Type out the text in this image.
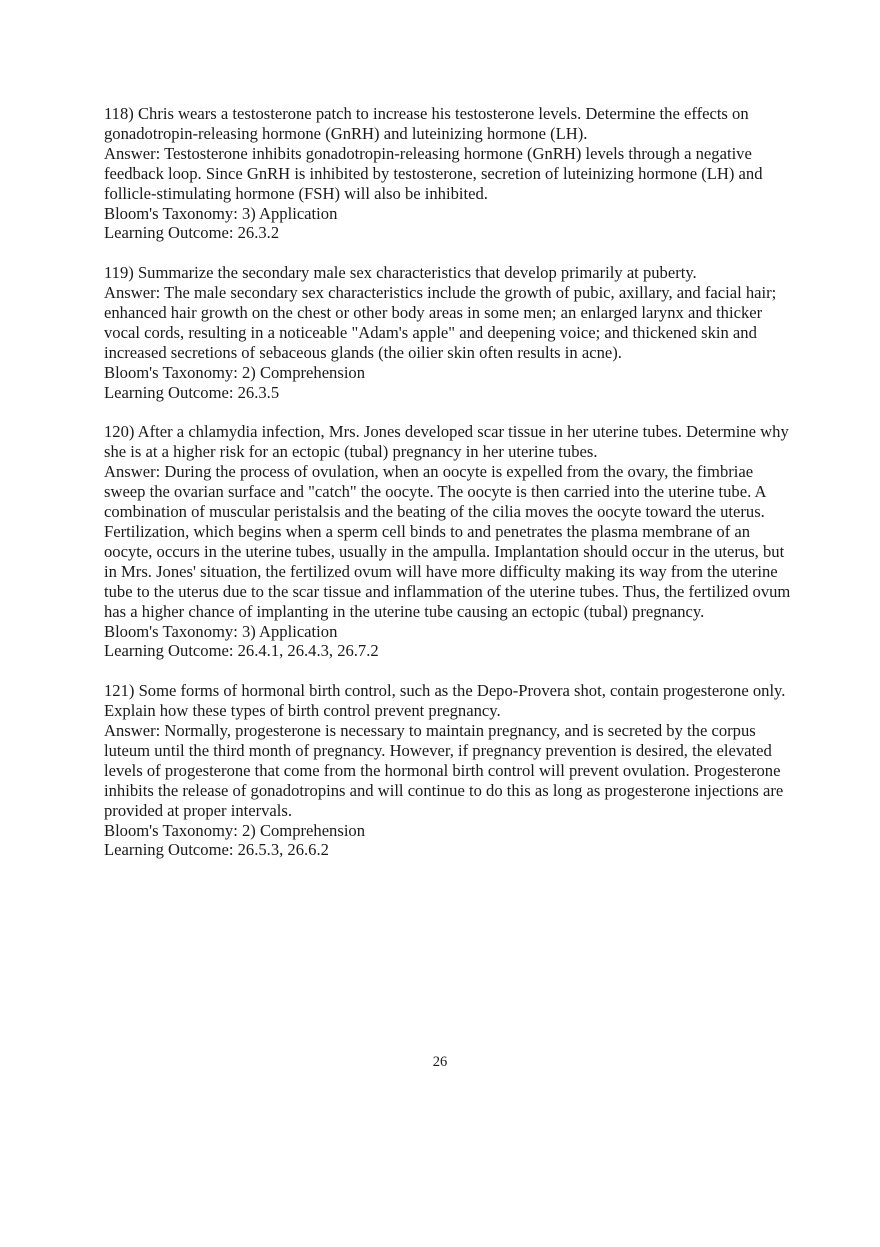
118) Chris wears a testosterone patch to increase his testosterone levels. Determine the effects on gonadotropin-releasing hormone (GnRH) and luteinizing hormone (LH).

Answer: Testosterone inhibits gonadotropin-releasing hormone (GnRH) levels through a negative feedback loop. Since GnRH is inhibited by testosterone, secretion of luteinizing hormone (LH) and follicle-stimulating hormone (FSH) will also be inhibited.

Bloom's Taxonomy: 3) Application

Learning Outcome: 26.3.2

119) Summarize the secondary male sex characteristics that develop primarily at puberty.

Answer: The male secondary sex characteristics include the growth of pubic, axillary, and facial hair; enhanced hair growth on the chest or other body areas in some men; an enlarged larynx and thicker vocal cords, resulting in a noticeable "Adam's apple" and deepening voice; and thickened skin and increased secretions of sebaceous glands (the oilier skin often results in acne).

Bloom's Taxonomy: 2) Comprehension

Learning Outcome: 26.3.5

120) After a chlamydia infection, Mrs. Jones developed scar tissue in her uterine tubes. Determine why she is at a higher risk for an ectopic (tubal) pregnancy in her uterine tubes.

Answer: During the process of ovulation, when an oocyte is expelled from the ovary, the fimbriae sweep the ovarian surface and "catch" the oocyte. The oocyte is then carried into the uterine tube. A combination of muscular peristalsis and the beating of the cilia moves the oocyte toward the uterus.

Fertilization, which begins when a sperm cell binds to and penetrates the plasma membrane of an oocyte, occurs in the uterine tubes, usually in the ampulla. Implantation should occur in the uterus, but in Mrs. Jones' situation, the fertilized ovum will have more difficulty making its way from the uterine tube to the uterus due to the scar tissue and inflammation of the uterine tubes. Thus, the fertilized ovum has a higher chance of implanting in the uterine tube causing an ectopic (tubal) pregnancy.

Bloom's Taxonomy: 3) Application

Learning Outcome: 26.4.1, 26.4.3, 26.7.2

121) Some forms of hormonal birth control, such as the Depo-Provera shot, contain progesterone only. Explain how these types of birth control prevent pregnancy.

Answer: Normally, progesterone is necessary to maintain pregnancy, and is secreted by the corpus luteum until the third month of pregnancy. However, if pregnancy prevention is desired, the elevated levels of progesterone that come from the hormonal birth control will prevent ovulation. Progesterone inhibits the release of gonadotropins and will continue to do this as long as progesterone injections are provided at proper intervals.

Bloom's Taxonomy: 2) Comprehension

Learning Outcome: 26.5.3, 26.6.2

26
